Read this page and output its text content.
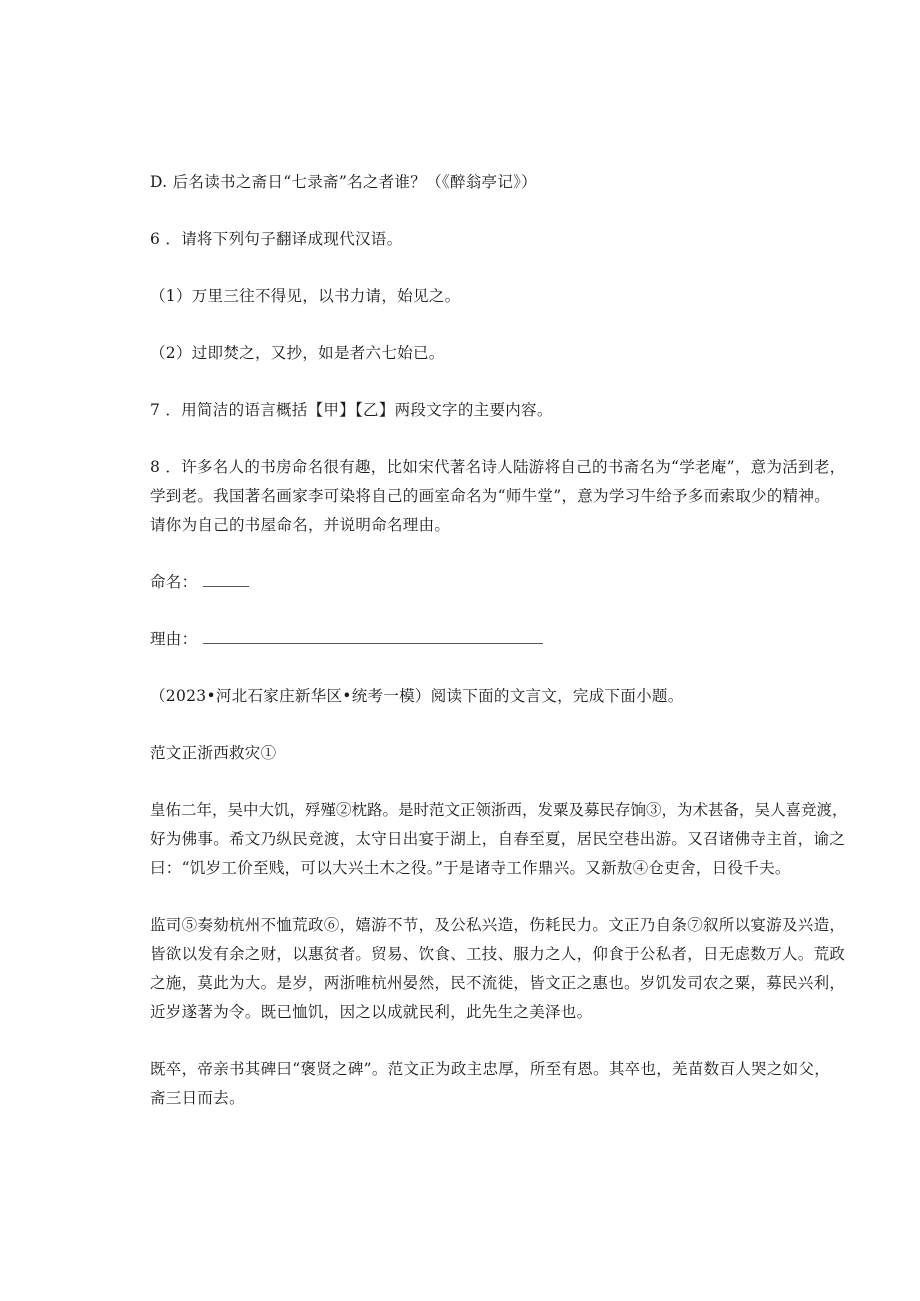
D. 后名读书之斋日“七录斋”名之者谁？（《醉翁亭记》）
6 ．请将下列句子翻译成现代汉语。
（1）万里三往不得见，以书力请，始见之。
（2）过即焚之，又抄，如是者六七始已。
7 ．用简洁的语言概括【甲】【乙】两段文字的主要内容。
8 ．许多名人的书房命名很有趣，比如宋代著名诗人陆游将自己的书斋名为“学老庵”，意为活到老，
学到老。我国著名画家李可染将自己的画室命名为“师牛堂”，意为学习牛给予多而索取少的精神。
请你为自己的书屋命名，并说明命名理由。
命名：
理由：
（2023•河北石家庄新华区•统考一模）阅读下面的文言文，完成下面小题。
范文正浙西救灾①
皇佑二年，吴中大饥，殍殣②枕路。是时范文正领浙西，发粟及募民存饷③，为术甚备，吴人喜竞渡，
好为佛事。希文乃纵民竞渡，太守日出宴于湖上，自春至夏，居民空巷出游。又召诸佛寺主首，谕之
曰：“饥岁工价至贱，可以大兴土木之役。”于是诸寺工作鼎兴。又新敖④仓吏舍，日役千夫。
监司⑤奏劾杭州不恤荒政⑥，嬉游不节，及公私兴造，伤耗民力。文正乃自条⑦叙所以宴游及兴造，
皆欲以发有余之财，以惠贫者。贸易、饮食、工技、服力之人，仰食于公私者，日无虑数万人。荒政
之施，莫此为大。是岁，两浙唯杭州晏然，民不流徙，皆文正之惠也。岁饥发司农之粟，募民兴利，
近岁遂著为令。既已恤饥，因之以成就民利，此先生之美泽也。
既卒，帝亲书其碑曰“褒贤之碑”。范文正为政主忠厚，所至有恩。其卒也，羌苗数百人哭之如父，
斋三日而去。
